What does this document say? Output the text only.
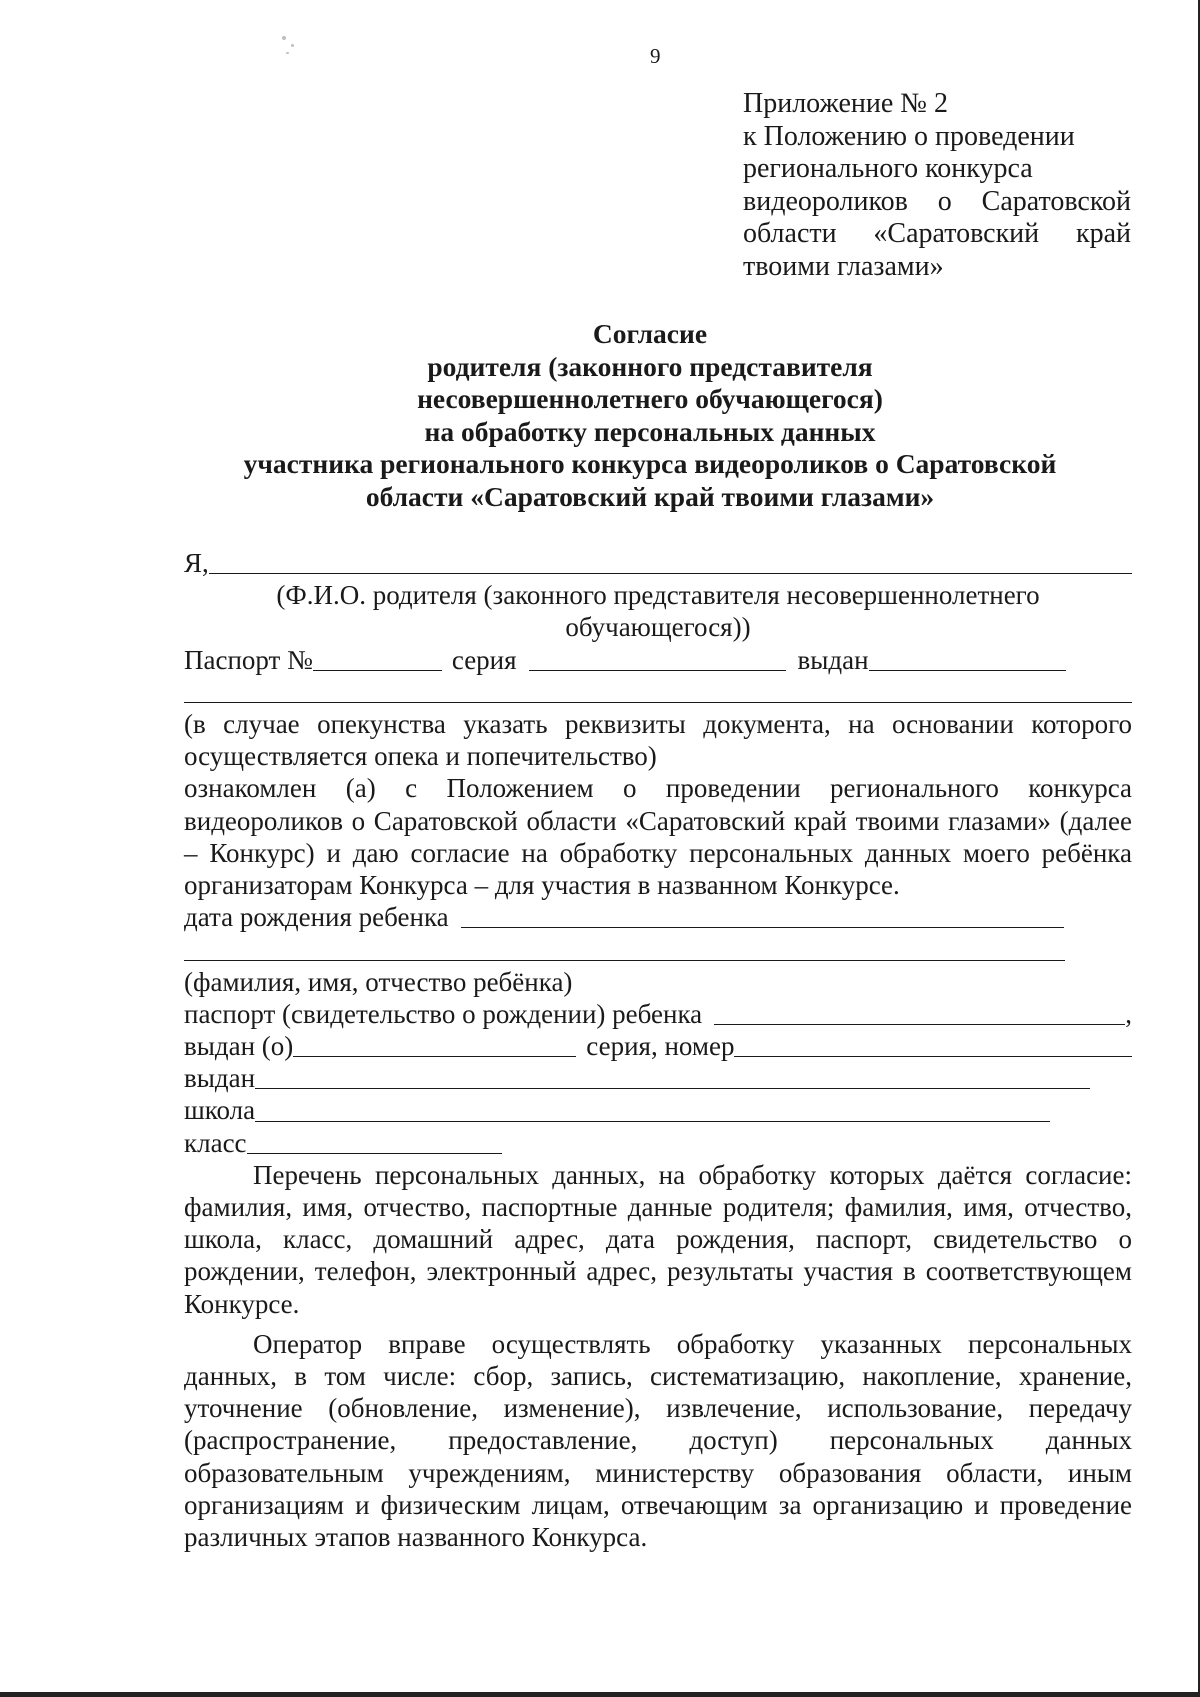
9
Приложение № 2
к Положению о проведении
регионального конкурса
видеороликов о Саратовской
области «Саратовский край
твоими глазами»
Согласие
родителя (законного представителя
несовершеннолетнего обучающегося)
на обработку персональных данных
участника регионального конкурса видеороликов о Саратовской
области «Саратовский край твоими глазами»
Я,
(Ф.И.О. родителя (законного представителя несовершеннолетнего
обучающегося))
Паспорт №	серия	выдан
(в случае опекунства указать реквизиты документа, на основании которого осуществляется опека и попечительство)
ознакомлен (а) с Положением о проведении регионального конкурса видеороликов о Саратовской области «Саратовский край твоими глазами» (далее – Конкурс) и даю согласие на обработку персональных данных моего ребёнка организаторам Конкурса – для участия в названном Конкурсе.
дата рождения ребенка
(фамилия, имя, отчество ребёнка)
паспорт (свидетельство о рождении) ребенка	,
выдан (о)	серия, номер
выдан
школа
класс
Перечень персональных данных, на обработку которых даётся согласие: фамилия, имя, отчество, паспортные данные родителя; фамилия, имя, отчество, школа, класс, домашний адрес, дата рождения, паспорт, свидетельство о рождении, телефон, электронный адрес, результаты участия в соответствующем Конкурсе.
Оператор вправе осуществлять обработку указанных персональных данных, в том числе: сбор, запись, систематизацию, накопление, хранение, уточнение (обновление, изменение), извлечение, использование, передачу (распространение, предоставление, доступ) персональных данных образовательным учреждениям, министерству образования области, иным организациям и физическим лицам, отвечающим за организацию и проведение различных этапов названного Конкурса.
